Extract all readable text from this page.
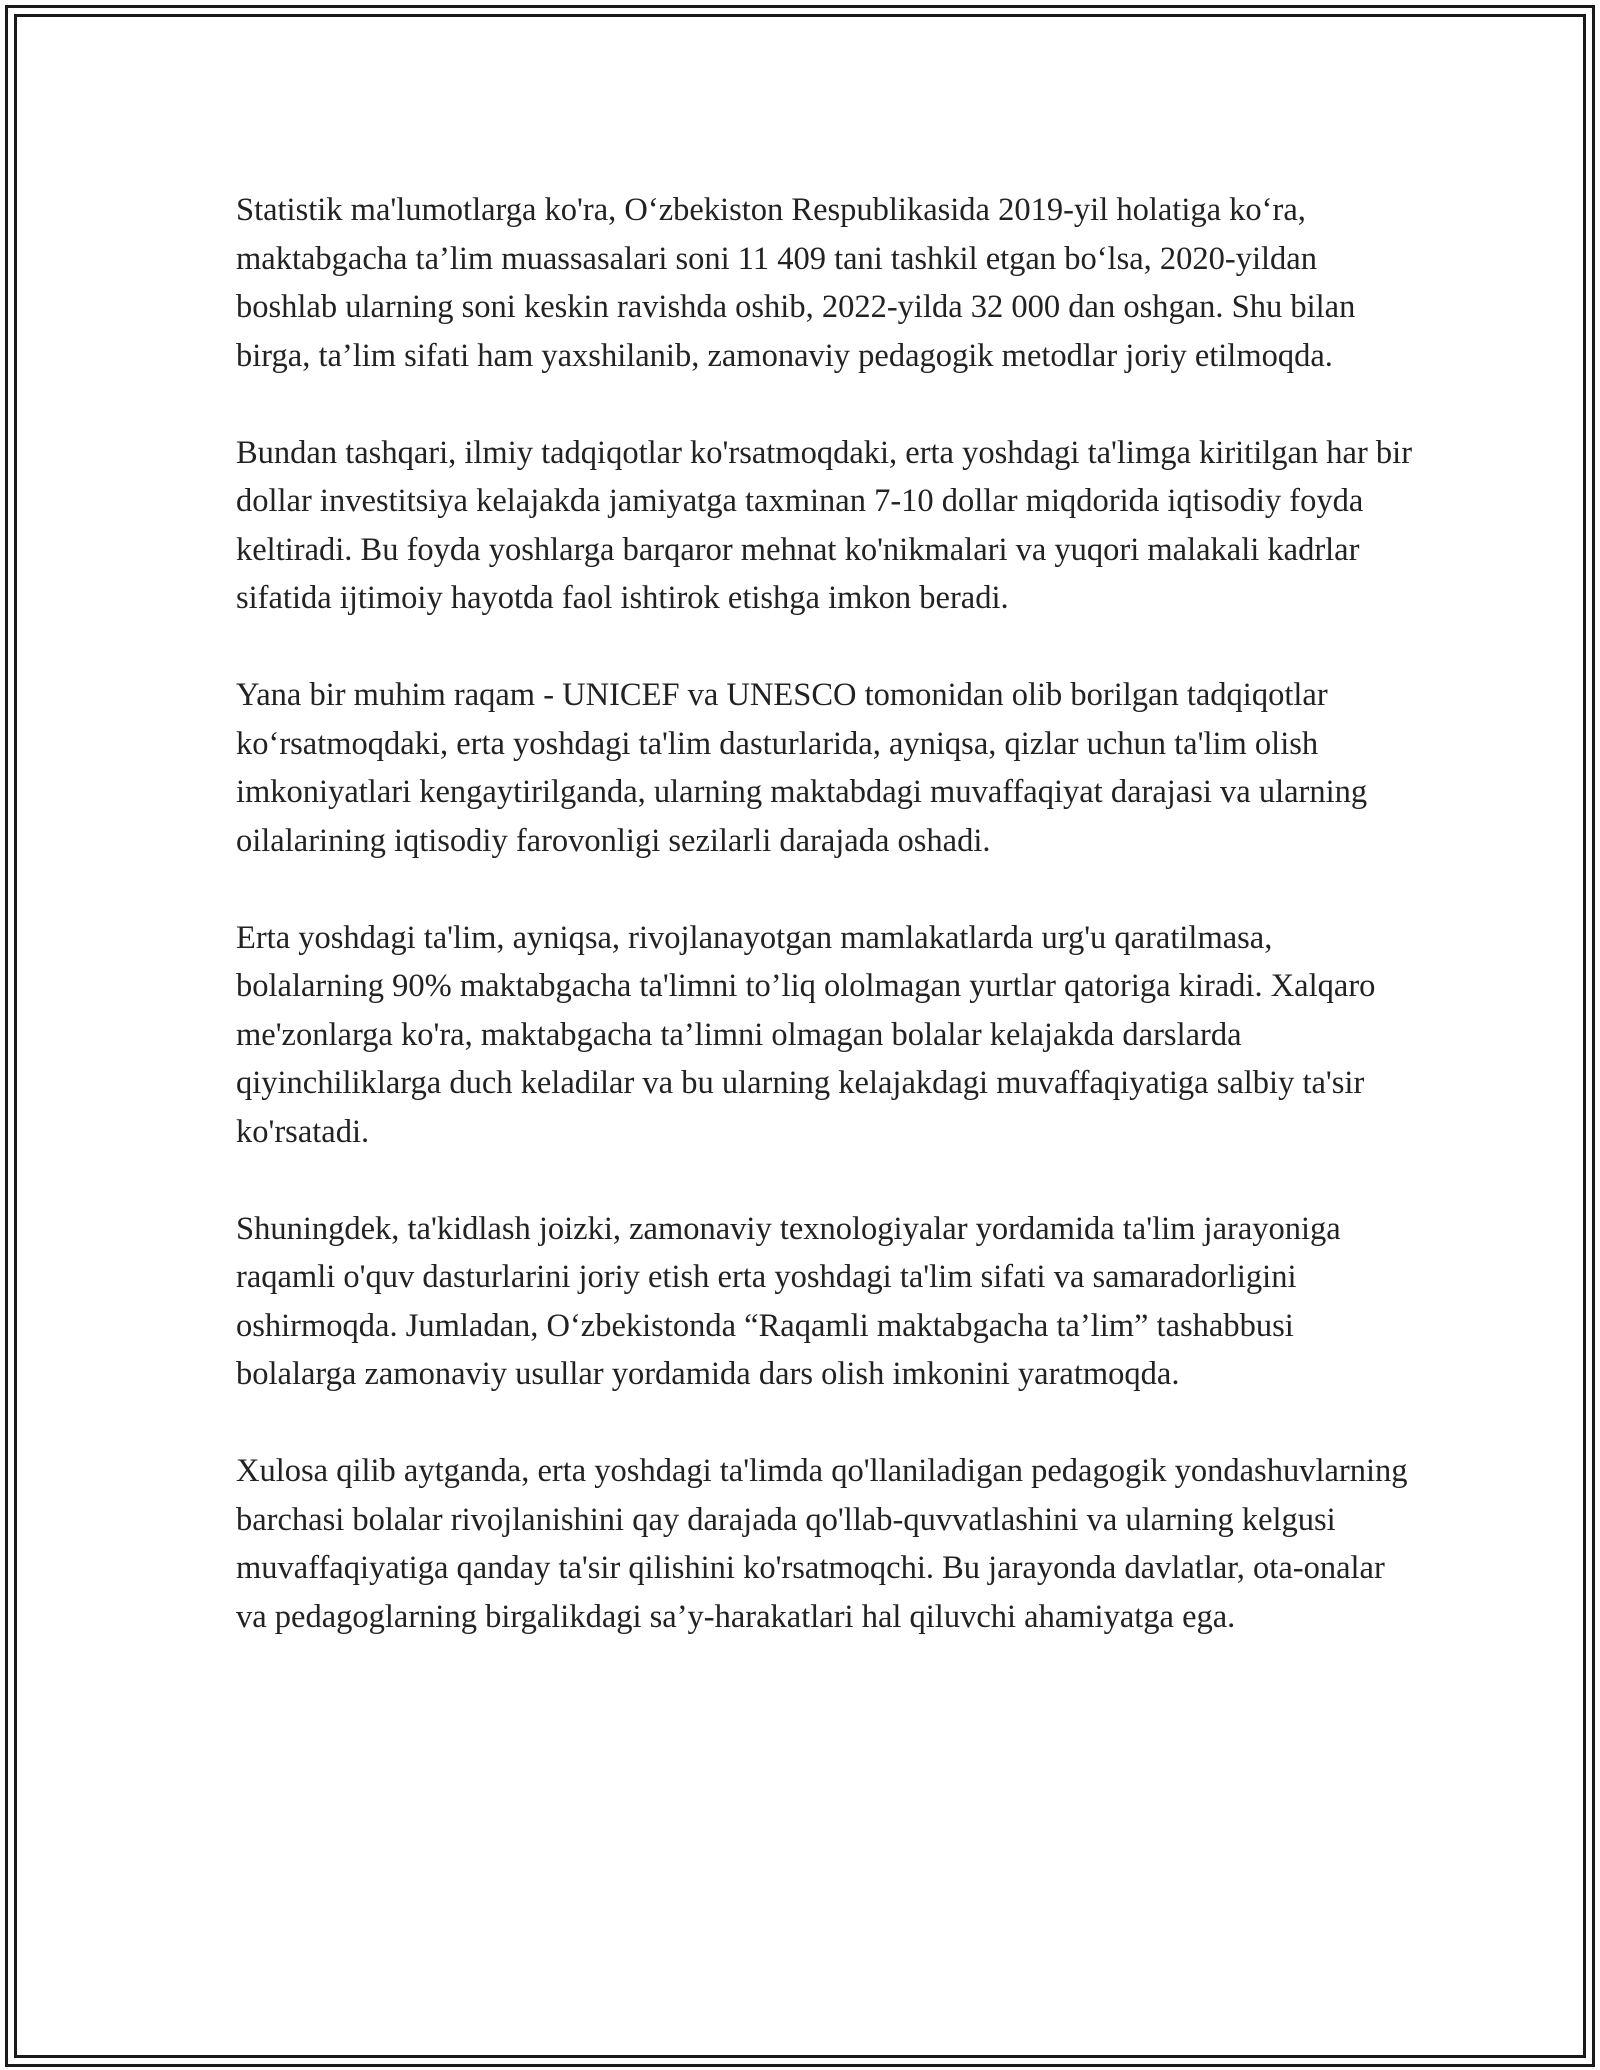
Statistik ma'lumotlarga ko'ra, O‘zbekiston Respublikasida 2019-yil holatiga ko‘ra, maktabgacha ta’lim muassasalari soni 11 409 tani tashkil etgan bo‘lsa, 2020-yildan boshlab ularning soni keskin ravishda oshib, 2022-yilda 32 000 dan oshgan. Shu bilan birga, ta’lim sifati ham yaxshilanib, zamonaviy pedagogik metodlar joriy etilmoqda.

Bundan tashqari, ilmiy tadqiqotlar ko'rsatmoqdaki, erta yoshdagi ta'limga kiritilgan har bir dollar investitsiya kelajakda jamiyatga taxminan 7-10 dollar miqdorida iqtisodiy foyda keltiradi. Bu foyda yoshlarga barqaror mehnat ko'nikmalari va yuqori malakali kadrlar sifatida ijtimoiy hayotda faol ishtirok etishga imkon beradi.

Yana bir muhim raqam - UNICEF va UNESCO tomonidan olib borilgan tadqiqotlar ko‘rsatmoqdaki, erta yoshdagi ta'lim dasturlarida, ayniqsa, qizlar uchun ta'lim olish imkoniyatlari kengaytirilganda, ularning maktabdagi muvaffaqiyat darajasi va ularning oilalarining iqtisodiy farovonligi sezilarli darajada oshadi.

Erta yoshdagi ta'lim, ayniqsa, rivojlanayotgan mamlakatlarda urg'u qaratilmasa, bolalarning 90% maktabgacha ta'limni to’liq ololmagan yurtlar qatoriga kiradi. Xalqaro me'zonlarga ko'ra, maktabgacha ta’limni olmagan bolalar kelajakda darslarda qiyinchiliklarga duch keladilar va bu ularning kelajakdagi muvaffaqiyatiga salbiy ta'sir ko'rsatadi.

Shuningdek, ta'kidlash joizki, zamonaviy texnologiyalar yordamida ta'lim jarayoniga raqamli o'quv dasturlarini joriy etish erta yoshdagi ta'lim sifati va samaradorligini oshirmoqda. Jumladan, O‘zbekistonda “Raqamli maktabgacha ta’lim” tashabbusi bolalarga zamonaviy usullar yordamida dars olish imkonini yaratmoqda.

Xulosa qilib aytganda, erta yoshdagi ta'limda qo'llaniladigan pedagogik yondashuvlarning barchasi bolalar rivojlanishini qay darajada qo'llab-quvvatlashini va ularning kelgusi muvaffaqiyatiga qanday ta'sir qilishini ko'rsatmoqchi. Bu jarayonda davlatlar, ota-onalar va pedagoglarning birgalikdagi sa’y-harakatlari hal qiluvchi ahamiyatga ega.
